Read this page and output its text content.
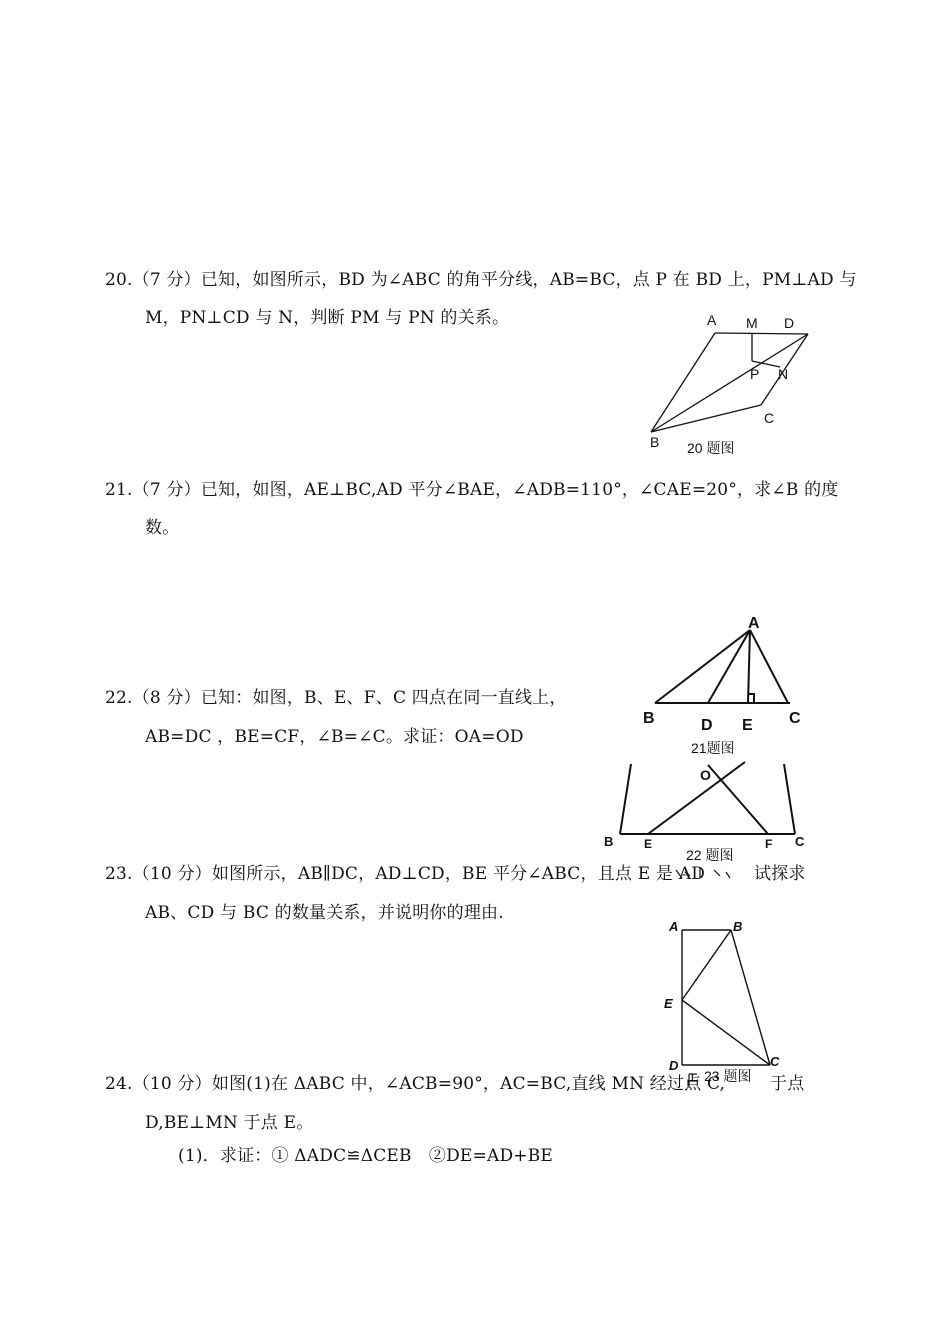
20.（7 分）已知，如图所示，BD 为∠ABC 的角平分线，AB=BC，点 P 在 BD 上，PM⊥AD 与
M，PN⊥CD 与 N，判断 PM 与 PN 的关系。	A M D
P N
C
B 20 题图
21.（7 分）已知，如图，AE⊥BC,AD 平分∠BAE，∠ADB=110°，∠CAE=20°，求∠B 的度
数。
A
B	D E C
21题图
22.（8 分）已知：如图，B、E、F、C 四点在同一直线上，
AB=DC ，BE=CF，∠B=∠C。求证：OA=OD
O
B	E	F C
22 题图
23.（10 分）如图所示，AB∥DC，AD⊥CD，BE 平分∠ABC，且点 E 是 AD	试探求
AB、CD 与 BC 的数量关系，并说明你的理由.
A	B
E
D	C
23 题图
24.（10 分）如图(1)在 ΔABC 中，∠ACB=90°，AC=BC,直线 MN 经过点 C,	于点
D,BE⊥MN 于点 E。
(1)．求证：① ΔADC≌ΔCEB　②DE=AD+BE
